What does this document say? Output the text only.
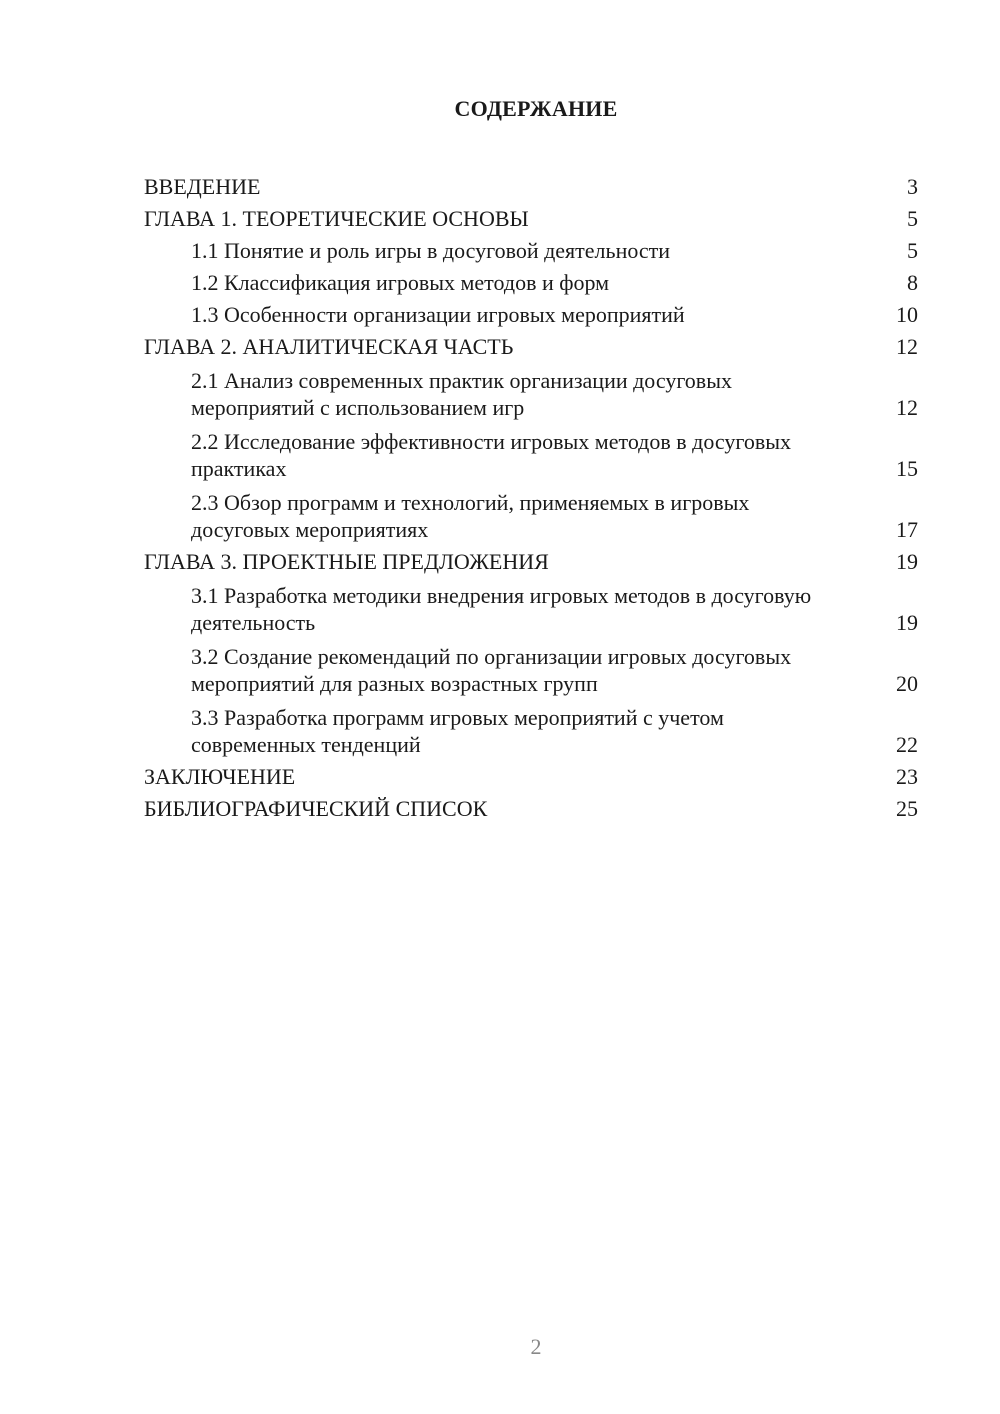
СОДЕРЖАНИЕ
ВВЕДЕНИЕ	3
ГЛАВА 1. ТЕОРЕТИЧЕСКИЕ ОСНОВЫ	5
1.1 Понятие и роль игры в досуговой деятельности	5
1.2 Классификация игровых методов и форм	8
1.3 Особенности организации игровых мероприятий	10
ГЛАВА 2. АНАЛИТИЧЕСКАЯ ЧАСТЬ	12
2.1 Анализ современных практик организации досуговых мероприятий с использованием игр	12
2.2 Исследование эффективности игровых методов в досуговых практиках	15
2.3 Обзор программ и технологий, применяемых в игровых досуговых мероприятиях	17
ГЛАВА 3. ПРОЕКТНЫЕ ПРЕДЛОЖЕНИЯ	19
3.1 Разработка методики внедрения игровых методов в досуговую деятельность	19
3.2 Создание рекомендаций по организации игровых досуговых мероприятий для разных возрастных групп	20
3.3 Разработка программ игровых мероприятий с учетом современных тенденций	22
ЗАКЛЮЧЕНИЕ	23
БИБЛИОГРАФИЧЕСКИЙ СПИСОК	25
2
